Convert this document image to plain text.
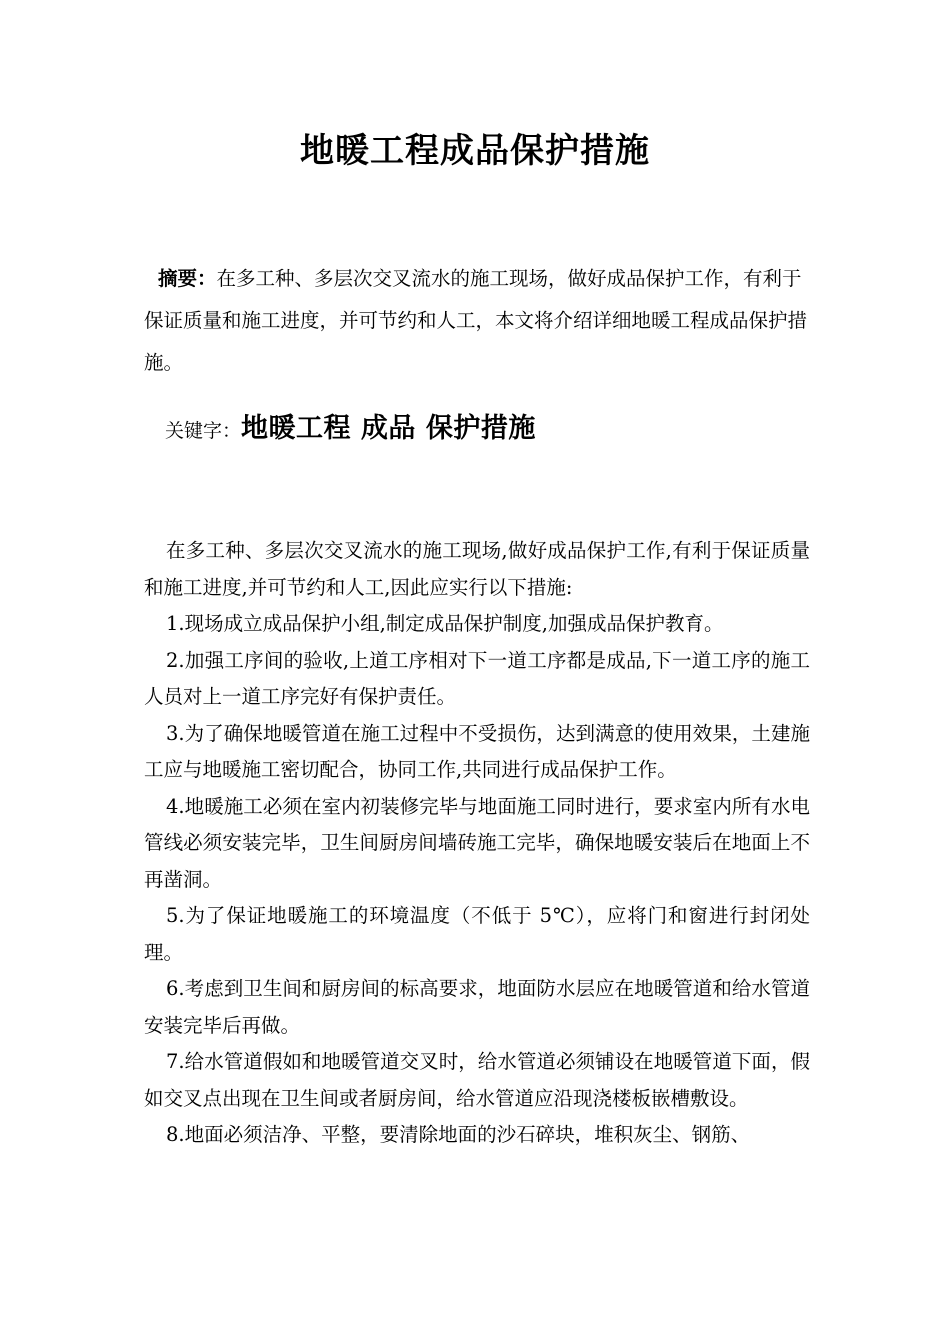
地暖工程成品保护措施
摘要：在多工种、多层次交叉流水的施工现场，做好成品保护工作，有利于保证质量和施工进度，并可节约和人工，本文将介绍详细地暖工程成品保护措施。
关键字：地暖工程 成品 保护措施

在多工种、多层次交叉流水的施工现场,做好成品保护工作,有利于保证质量和施工进度,并可节约和人工,因此应实行以下措施:

1.现场成立成品保护小组,制定成品保护制度,加强成品保护教育。

2.加强工序间的验收,上道工序相对下一道工序都是成品,下一道工序的施工人员对上一道工序完好有保护责任。

3.为了确保地暖管道在施工过程中不受损伤，达到满意的使用效果，土建施工应与地暖施工密切配合，协同工作,共同进行成品保护工作。

4.地暖施工必须在室内初装修完毕与地面施工同时进行，要求室内所有水电管线必须安装完毕，卫生间厨房间墙砖施工完毕，确保地暖安装后在地面上不再凿洞。

5.为了保证地暖施工的环境温度（不低于 5℃），应将门和窗进行封闭处理。

6.考虑到卫生间和厨房间的标高要求，地面防水层应在地暖管道和给水管道安装完毕后再做。

7.给水管道假如和地暖管道交叉时，给水管道必须铺设在地暖管道下面，假如交叉点出现在卫生间或者厨房间，给水管道应沿现浇楼板嵌槽敷设。

8.地面必须洁净、平整，要清除地面的沙石碎块，堆积灰尘、钢筋、
